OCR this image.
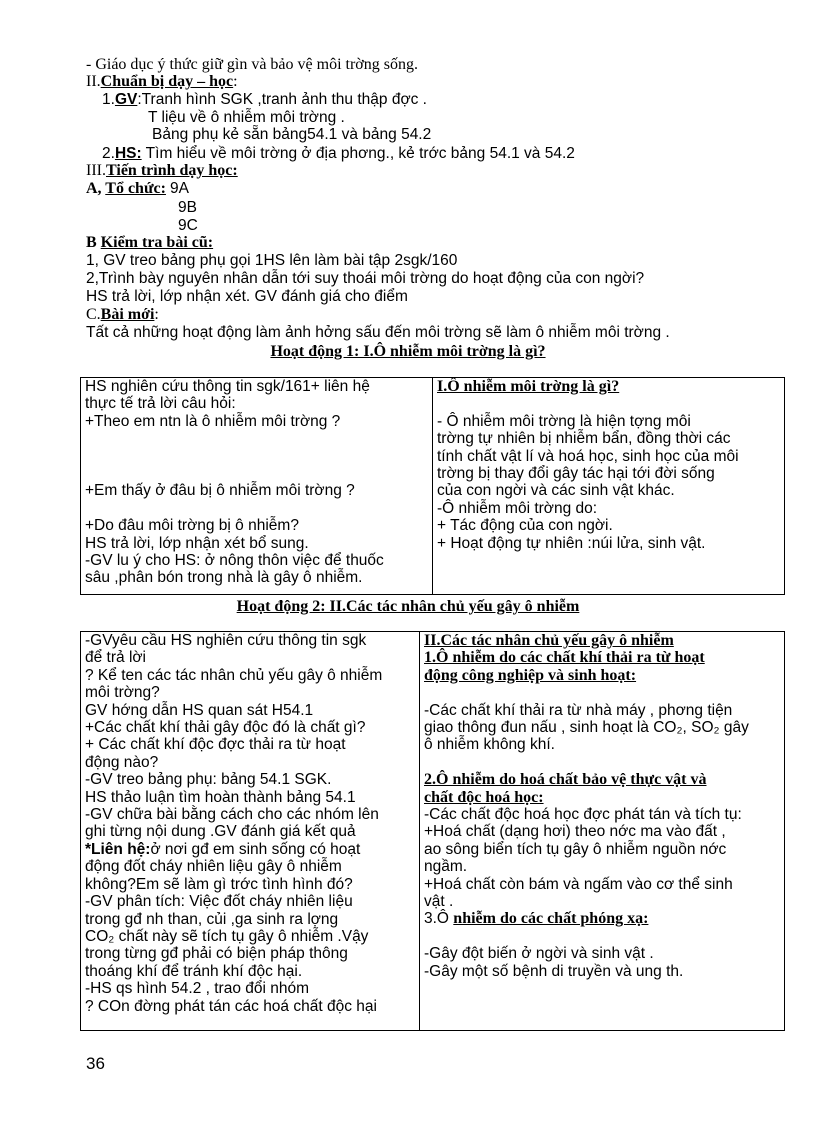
- Giáo dục ý thức giữ gìn và bảo vệ môi trờng sống.
II.Chuẩn bị dạy – học:
1.GV:Tranh hình SGK ,tranh ảnh thu thập đợc .
T liệu về ô nhiễm môi trờng .
Bảng phụ kẻ sẵn bảng54.1 và bảng 54.2
2.HS: Tìm hiểu về môi trờng ở địa phơng., kẻ trớc bảng 54.1 và 54.2
III.Tiến trình dạy học:
A, Tổ chức: 9A
9B
9C
B Kiểm tra bài cũ:
1, GV treo bảng phụ gọi 1HS lên làm bài tập 2sgk/160
2,Trình bày nguyên nhân dẫn tới suy thoái môi trờng do hoạt động của con ngời?
HS trả lời, lớp nhận xét. GV đánh giá cho điểm
C.Bài mới:
Tất cả những hoạt động làm ảnh hởng sấu đến môi trờng sẽ làm ô nhiễm môi trờng .
Hoạt động 1: I.Ô nhiễm môi trờng là gì?
HS nghiên cứu thông tin sgk/161+ liên hệ
thực tế trả lời câu hỏi:
+Theo em ntn là ô nhiễm môi trờng ?
+Em thấy ở đâu bị ô nhiễm môi trờng ?
+Do đâu môi trờng bị ô nhiễm?
HS trả lời, lớp nhận xét bổ sung.
-GV lu ý cho HS: ở nông thôn việc để thuốc
sâu ,phân bón trong nhà là gây ô nhiễm.

I.Ô nhiễm môi trờng là gì?
- Ô nhiễm môi trờng là hiện tợng môi
trờng tự nhiên bị nhiễm bẩn, đồng thời các
tính chất vật lí và hoá học, sinh học của môi
trờng bị thay đổi gây tác hại tới đời sống
của con ngời và các sinh vật khác.
-Ô nhiễm môi trờng do:
+ Tác động của con ngời.
+ Hoạt động tự nhiên :núi lửa, sinh vật.
Hoạt động 2: II.Các tác nhân chủ yếu gây ô nhiễm
-GVyêu cầu HS nghiên cứu thông tin sgk
để trả lời
? Kể ten các tác nhân chủ yếu gây ô nhiễm
môi trờng?
GV hớng dẫn HS quan sát H54.1
+Các chất khí thải gây độc đó là chất gì?
+ Các chất khí độc đợc thải ra từ hoạt
động nào?
-GV treo bảng phụ: bảng 54.1 SGK.
HS thảo luận tìm hoàn thành bảng 54.1
-GV chữa bài bằng cách cho các nhóm lên
ghi từng nội dung .GV đánh giá kết quả
*Liên hệ:ở nơi gđ em sinh sống có hoạt
động đốt cháy nhiên liệu gây ô nhiễm
không?Em sẽ làm gì trớc tình hình đó?
-GV phân tích: Việc đốt cháy nhiên liệu
trong gđ nh than, củi ,ga sinh ra lợng
CO₂ chất này sẽ tích tụ gây ô nhiễm .Vậy
trong từng gđ phải có biện pháp thông
thoáng khí để tránh khí độc hại.
-HS qs hình 54.2 , trao đổi nhóm
? COn đờng phát tán các hoá chất độc hại

II.Các tác nhân chủ yếu gây ô nhiễm
1.Ô nhiễm do các chất khí thải ra từ hoạt
động công nghiệp và sinh hoạt:
-Các chất khí thải ra từ nhà máy , phơng tiện
giao thông đun nấu , sinh hoạt là CO₂, SO₂ gây
ô nhiễm không khí.
2.Ô nhiễm do hoá chất bảo vệ thực vật và
chất độc hoá học:
-Các chất độc hoá học đợc phát tán và tích tụ:
+Hoá chất (dạng hơi) theo nớc ma vào đất ,
ao sông biển tích tụ gây ô nhiễm nguồn nớc
ngầm.
+Hoá chất còn bám và ngấm vào cơ thể sinh
vật .
3.Ô nhiễm do các chất phóng xạ:
-Gây đột biến ở ngời và sinh vật .
-Gây một số bệnh di truyền và ung th.
36
